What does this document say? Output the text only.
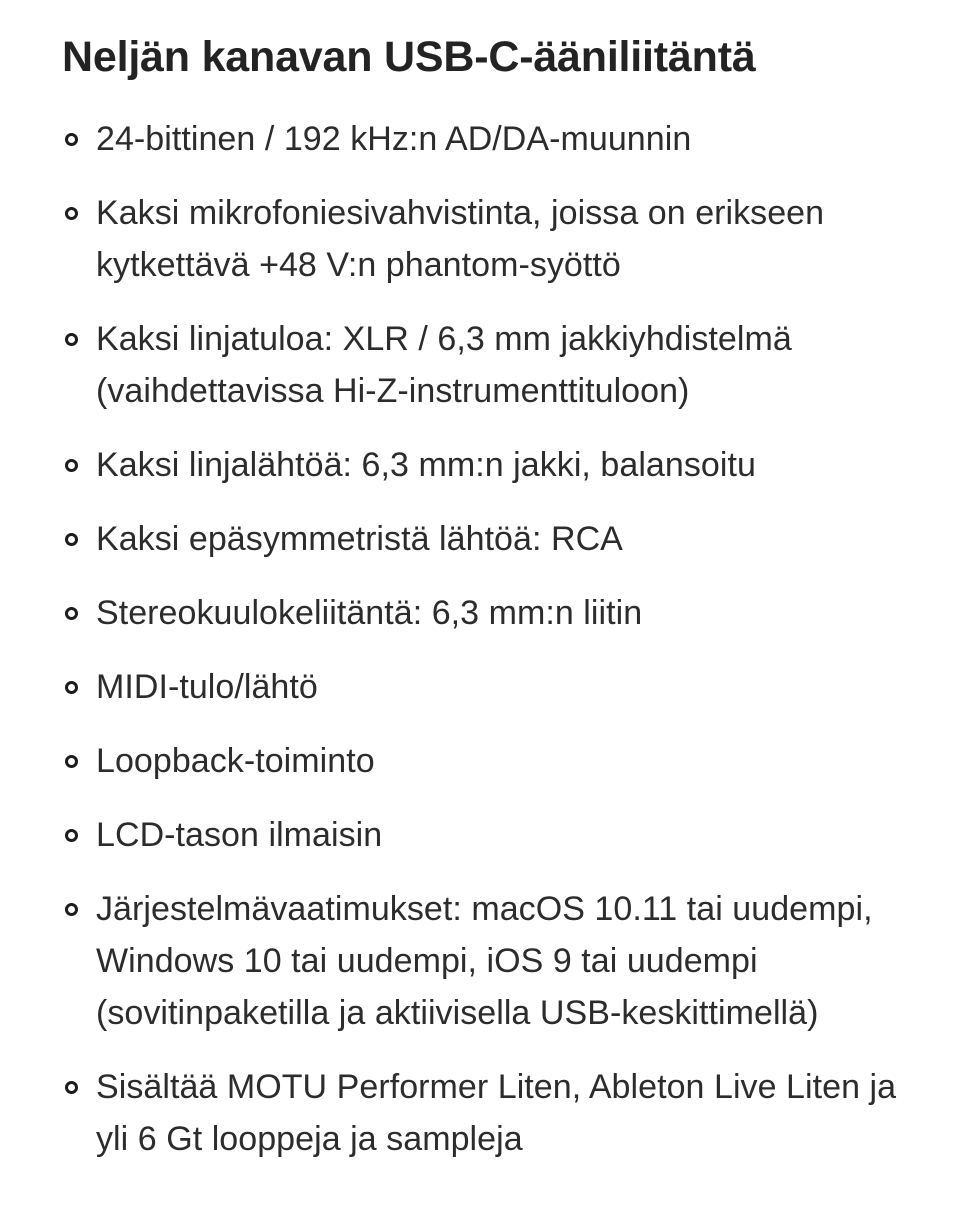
Neljän kanavan USB-C-ääniliitäntä
24-bittinen / 192 kHz:n AD/DA-muunnin
Kaksi mikrofoniesivahvistinta, joissa on erikseen kytkettävä +48 V:n phantom-syöttö
Kaksi linjatuloa: XLR / 6,3 mm jakkiyhdistelmä (vaihdettavissa Hi-Z-instrumenttituloon)
Kaksi linjalähtöä: 6,3 mm:n jakki, balansoitu
Kaksi epäsymmetristä lähtöä: RCA
Stereokuulokeliitäntä: 6,3 mm:n liitin
MIDI-tulo/lähtö
Loopback-toiminto
LCD-tason ilmaisin
Järjestelmävaatimukset: macOS 10.11 tai uudempi, Windows 10 tai uudempi, iOS 9 tai uudempi (sovitinpaketilla ja aktiivisella USB-keskittimellä)
Sisältää MOTU Performer Liten, Ableton Live Liten ja yli 6 Gt looppeja ja sampleja
